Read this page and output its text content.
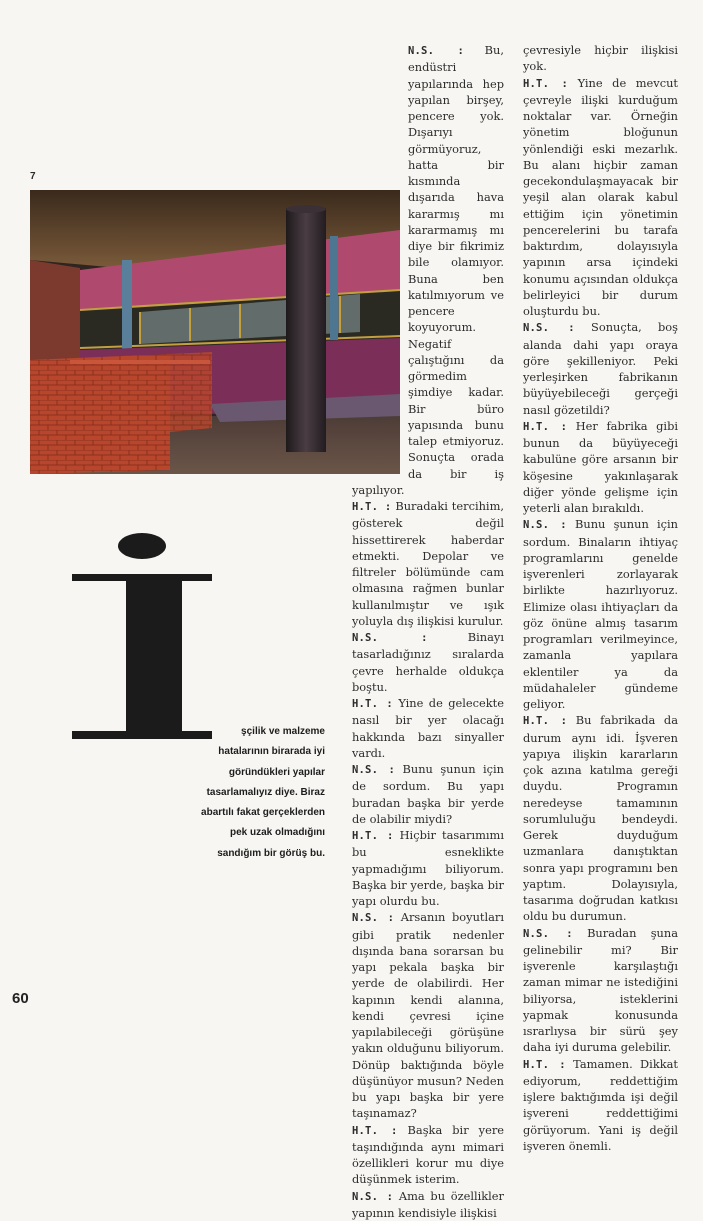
7

N.S. : Bu, endüstri yapılarında hep yapılan birşey, pencere yok. Dışarıyı görmüyoruz, hatta bir kısmında dışarıda hava kararmış mı kararmamış mı diye bir fikrimiz bile olamıyor. Buna ben katılmıyorum ve pencere koyuyorum. Negatif çalıştığını da görmedim şimdiye kadar. Bir büro yapısında bunu talep etmiyoruz. Sonuçta orada da bir iş yapılıyor.

H.T. : Buradaki tercihim, gösterek değil hissettirerek haberdar etmekti. Depolar ve filtreler bölümünde cam olmasına rağmen bunlar kullanılmıştır ve ışık yoluyla dış ilişkisi kurulur.

N.S. :	Binayı tasarladığınız sıralarda çevre herhalde oldukça boştu.

H.T. : Yine de gelecekte nasıl bir yer olacağı hakkında bazı sinyaller vardı.

N.S. : Bunu şunun için de sordum. Bu yapı buradan başka bir yerde de olabilir miydi?

H.T. : Hiçbir tasarımımı bu esneklikte yapmadığımı biliyorum. Başka bir yerde, başka bir yapı olurdu bu.

N.S. : Arsanın boyutları gibi pratik nedenler dışında bana sorarsan bu yapı pekala başka bir yerde de olabilirdi. Her kapının kendi alanına, kendi çevresi içine yapılabileceği görüşüne yakın olduğunu biliyorum. Dönüp baktığında böyle düşünüyor musun? Neden bu yapı başka bir yere taşınamaz?

H.T. : Başka bir yere taşındığında aynı mimari özellikleri korur mu diye düşünmek isterim.

N.S. : Ama bu özellikler yapının kendisiyle ilişkisi

çevresiyle hiçbir ilişkisi yok.

H.T. : Yine de mevcut çevreyle ilişki kurduğum noktalar var. Örneğin yönetim bloğunun yönlendiği eski mezarlık. Bu alanı hiçbir zaman gecekondulaşmayacak bir yeşil alan olarak kabul ettiğim için yönetimin pencerelerini bu tarafa baktırdım, dolayısıyla yapının arsa içindeki konumu açısından oldukça belirleyici bir durum oluşturdu bu.

N.S. : Sonuçta, boş alanda dahi yapı oraya göre şekilleniyor. Peki yerleşirken fabrikanın büyüyebileceği gerçeği nasıl gözetildi?

H.T. : Her fabrika gibi bunun da büyüyeceği kabulüne göre arsanın bir köşesine yakınlaşarak diğer yönde gelişme için yeterli alan bırakıldı.

N.S. : Bunu şunun için sordum. Binaların ihtiyaç programlarını genelde işverenleri zorlayarak birlikte hazırlıyoruz. Elimize olası ihtiyaçları da göz önüne almış tasarım programları verilmeyince, zamanla yapılara eklentiler ya da müdahaleler gündeme geliyor.

H.T. : Bu fabrikada da durum aynı idi. İşveren yapıya ilişkin kararların çok azına katılma gereği duydu. Programın neredeyse tamamının sorumluluğu bendeydi. Gerek duyduğum uzmanlara danıştıktan sonra yapı programını ben yaptım. Dolayısıyla, tasarıma doğrudan katkısı oldu bu durumun.

N.S. : Buradan şuna gelinebilir mi? Bir işverenle karşılaştığı zaman mimar ne istediğini biliyorsa, isteklerini yapmak konusunda ısrarlıysa bir sürü şey daha iyi duruma gelebilir.

H.T. : Tamamen. Dikkat ediyorum, reddettiğim işlere baktığımda işi değil işvereni reddettiğimi görüyorum. Yani iş değil işveren önemli.

şçilik ve malzeme
hatalarının birarada iyi
göründükleri yapılar
tasarlamalıyız diye. Biraz
abartılı fakat gerçeklerden
pek uzak olmadığını
sandığım bir görüş bu.
60
